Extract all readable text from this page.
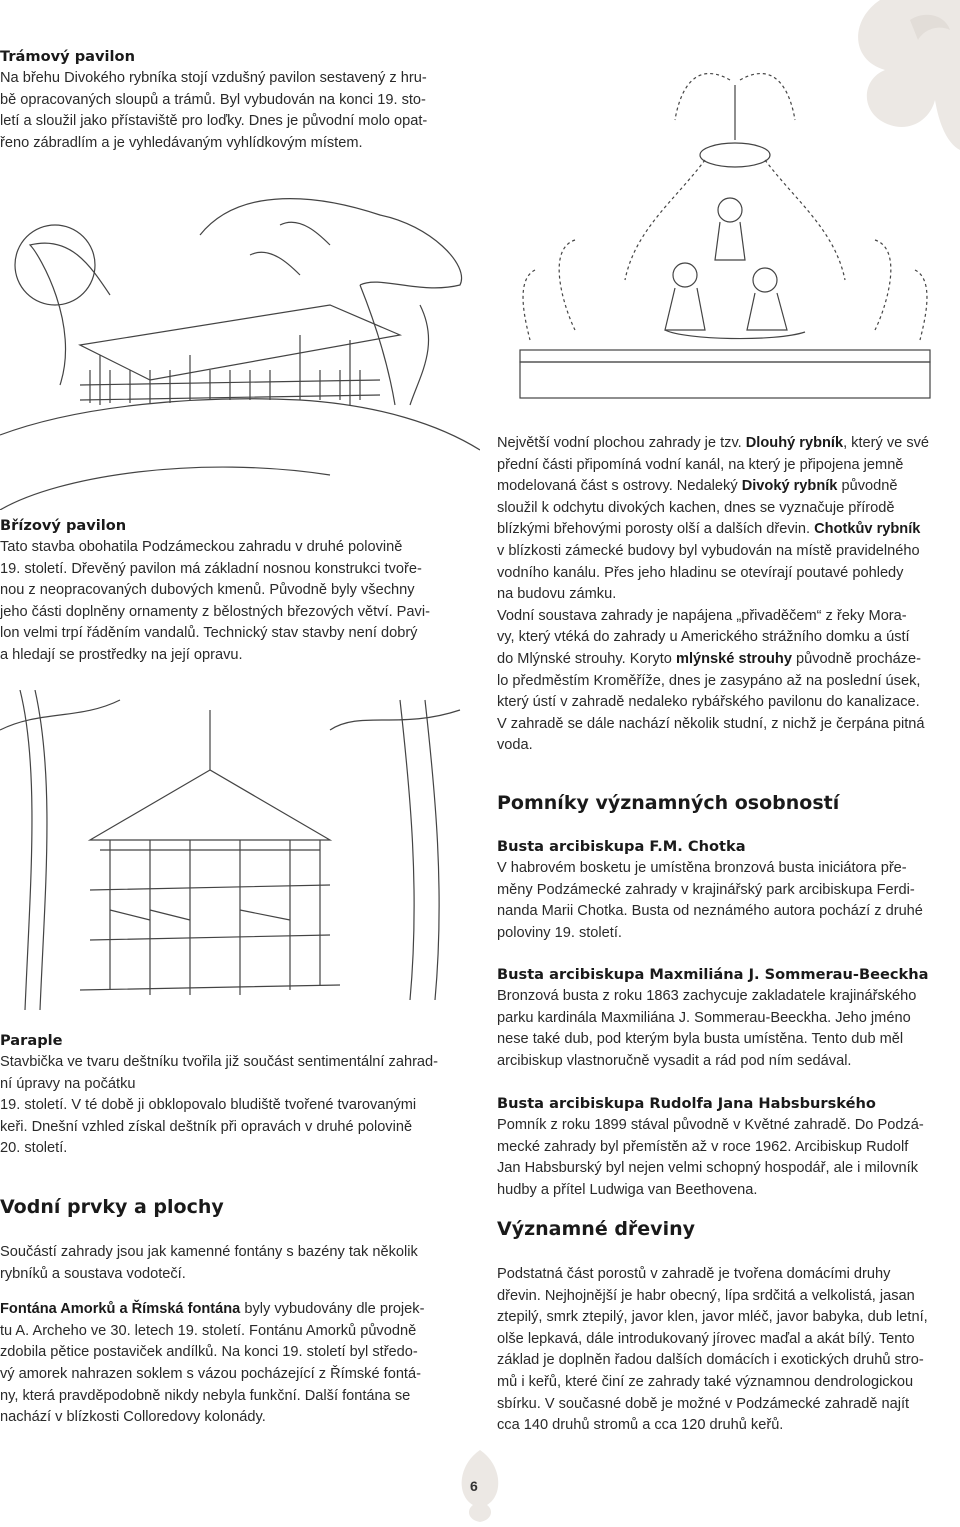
Trámový pavilon

Na břehu Divokého rybníka stojí vzdušný pavilon sestavený z hru-

bě opracovaných sloupů a trámů. Byl vybudován na konci 19. sto-

letí a sloužil jako přístaviště pro loďky. Dnes je původní molo opat-

řeno zábradlím a je vyhledávaným vyhlídkovým místem.

Břízový pavilon

Tato stavba obohatila Podzámeckou zahradu v druhé polovině

19. století. Dřevěný pavilon má základní nosnou konstrukci tvoře-

nou z neopracovaných dubových kmenů. Původně byly všechny

jeho části doplněny ornamenty z bělostných březových větví. Pavi-

lon velmi trpí řáděním vandalů. Technický stav stavby není dobrý

a hledají se prostředky na její opravu.

Paraple

Stavbička ve tvaru deštníku tvořila již součást sentimentální zahrad-

ní úpravy na počátku

19. století. V té době ji obklopovalo bludiště tvořené tvarovanými

keři. Dnešní vzhled získal deštník při opravách v druhé polovině

20. století.

Vodní prvky a plochy

Součástí zahrady jsou jak kamenné fontány s bazény tak několik

rybníků a soustava vodotečí.

Fontána Amorků a Římská fontána byly vybudovány dle projek-

tu A. Archeho ve 30. letech 19. století. Fontánu Amorků původně

zdobila pětice postaviček andílků. Na konci 19. století byl středo-

vý amorek nahrazen soklem s vázou pocházející z Římské fontá-

ny, která pravděpodobně nikdy nebyla funkční. Další fontána se

nachází v blízkosti Colloredovy kolonády.

Největší vodní plochou zahrady je tzv. Dlouhý rybník, který ve své

přední části připomíná vodní kanál, na který je připojena jemně

modelovaná část s ostrovy. Nedaleký Divoký rybník původně

sloužil k odchytu divokých kachen, dnes se vyznačuje přírodě

blízkými břehovými porosty olší a dalších dřevin. Chotkův rybník

v blízkosti zámecké budovy byl vybudován na místě pravidelného

vodního kanálu. Přes jeho hladinu se otevírají poutavé pohledy

na budovu zámku.

Vodní soustava zahrady je napájena „přivaděčem“ z řeky Mora-

vy, který vtéká do zahrady u Amerického strážního domku a ústí

do Mlýnské strouhy. Koryto mlýnské strouhy původně procháze-

lo předměstím Kroměříže, dnes je zasypáno až na poslední úsek,

který ústí v zahradě nedaleko rybářského pavilonu do kanalizace.

V zahradě se dále nachází několik studní, z nichž je čerpána pitná

voda.

Pomníky významných osobností
Busta arcibiskupa F.M. Chotka

V habrovém bosketu je umístěna bronzová busta iniciátora pře-

měny Podzámecké zahrady v krajinářský park arcibiskupa Ferdi-

nanda Marii Chotka. Busta od neznámého autora pochází z druhé

poloviny 19. století.

Busta arcibiskupa Maxmiliána J. Sommerau-Beeckha

Bronzová busta z roku 1863 zachycuje zakladatele krajinářského

parku kardinála Maxmiliána J. Sommerau-Beeckha. Jeho jméno

nese také dub, pod kterým byla busta umístěna. Tento dub měl

arcibiskup vlastnoručně vysadit a rád pod ním sedával.

Busta arcibiskupa Rudolfa Jana Habsburského

Pomník z roku 1899 stával původně v Květné zahradě. Do Podzá-

mecké zahrady byl přemístěn až v roce 1962. Arcibiskup Rudolf

Jan Habsburský byl nejen velmi schopný hospodář, ale i milovník

hudby a přítel Ludwiga van Beethovena.

Významné dřeviny

Podstatná část porostů v zahradě je tvořena domácími druhy

dřevin. Nejhojnější je habr obecný, lípa srdčitá a velkolistá, jasan

ztepilý, smrk ztepilý, javor klen, javor mléč, javor babyka, dub letní,

olše lepkavá, dále introdukovaný jírovec maďal a akát bílý. Tento

základ je doplněn řadou dalších domácích i exotických druhů stro-

mů i keřů, které činí ze zahrady také významnou dendrologickou

sbírku. V současné době je možné v Podzámecké zahradě najít

cca 140 druhů stromů a cca 120 druhů keřů.

6
